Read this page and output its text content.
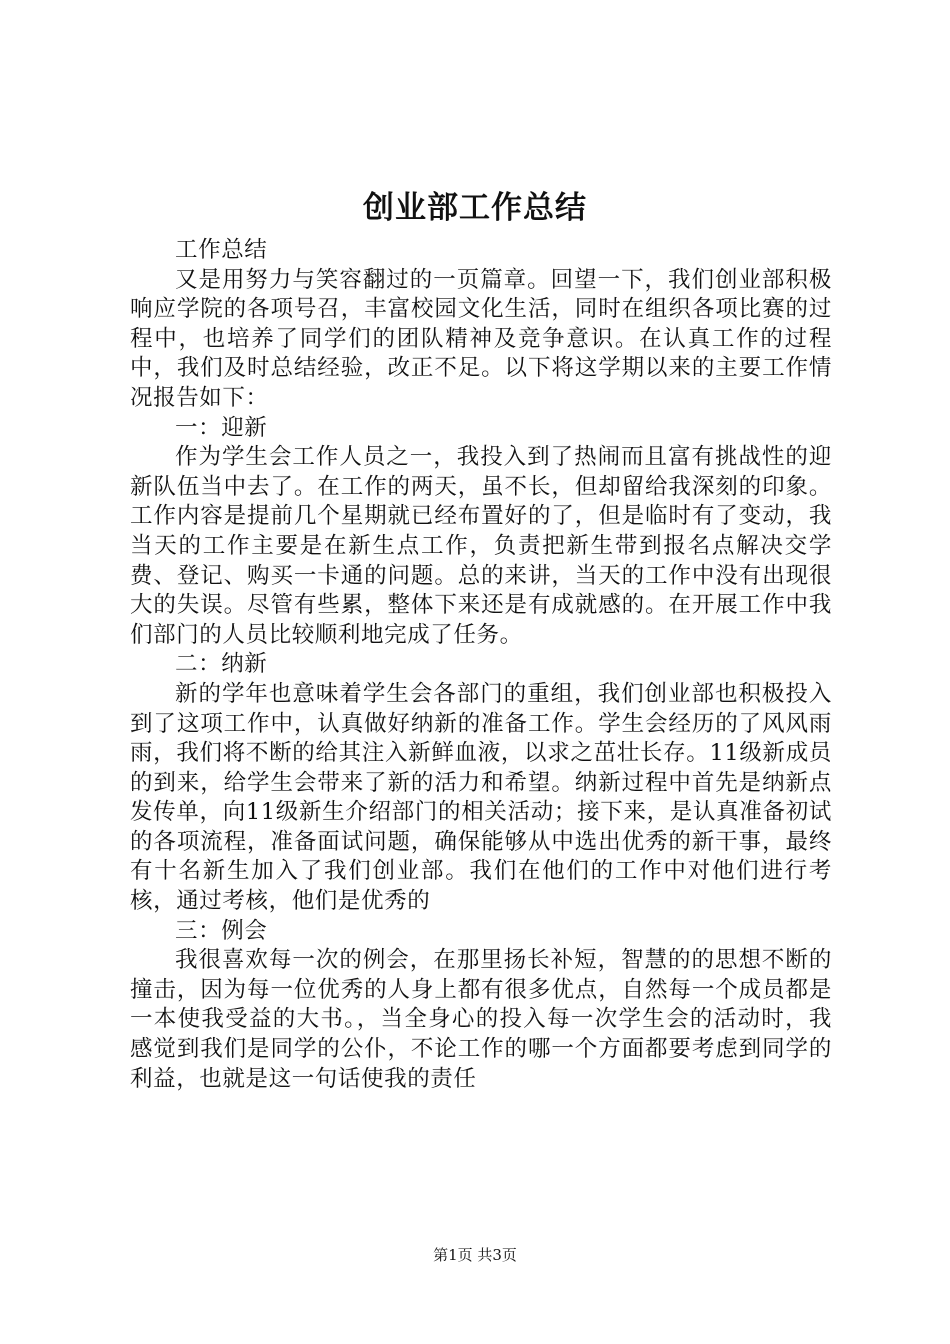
创业部工作总结

工作总结

又是用努力与笑容翻过的一页篇章。回望一下，我们创业部积极响应学院的各项号召，丰富校园文化生活，同时在组织各项比赛的过程中，也培养了同学们的团队精神及竞争意识。在认真工作的过程中，我们及时总结经验，改正不足。以下将这学期以来的主要工作情况报告如下：

一：迎新

作为学生会工作人员之一，我投入到了热闹而且富有挑战性的迎新队伍当中去了。在工作的两天，虽不长，但却留给我深刻的印象。工作内容是提前几个星期就已经布置好的了，但是临时有了变动，我当天的工作主要是在新生点工作，负责把新生带到报名点解决交学费、登记、购买一卡通的问题。总的来讲，当天的工作中没有出现很大的失误。尽管有些累，整体下来还是有成就感的。在开展工作中我们部门的人员比较顺利地完成了任务。

二：纳新

新的学年也意味着学生会各部门的重组，我们创业部也积极投入到了这项工作中，认真做好纳新的准备工作。学生会经历的了风风雨雨，我们将不断的给其注入新鲜血液，以求之茁壮长存。11级新成员的到来，给学生会带来了新的活力和希望。纳新过程中首先是纳新点发传单，向11级新生介绍部门的相关活动；接下来，是认真准备初试的各项流程，准备面试问题，确保能够从中选出优秀的新干事，最终有十名新生加入了我们创业部。我们在他们的工作中对他们进行考核，通过考核，他们是优秀的

三：例会

我很喜欢每一次的例会，在那里扬长补短，智慧的的思想不断的撞击，因为每一位优秀的人身上都有很多优点，自然每一个成员都是一本使我受益的大书。，当全身心的投入每一次学生会的活动时，我感觉到我们是同学的公仆，不论工作的哪一个方面都要考虑到同学的利益，也就是这一句话使我的责任

第1页 共3页
